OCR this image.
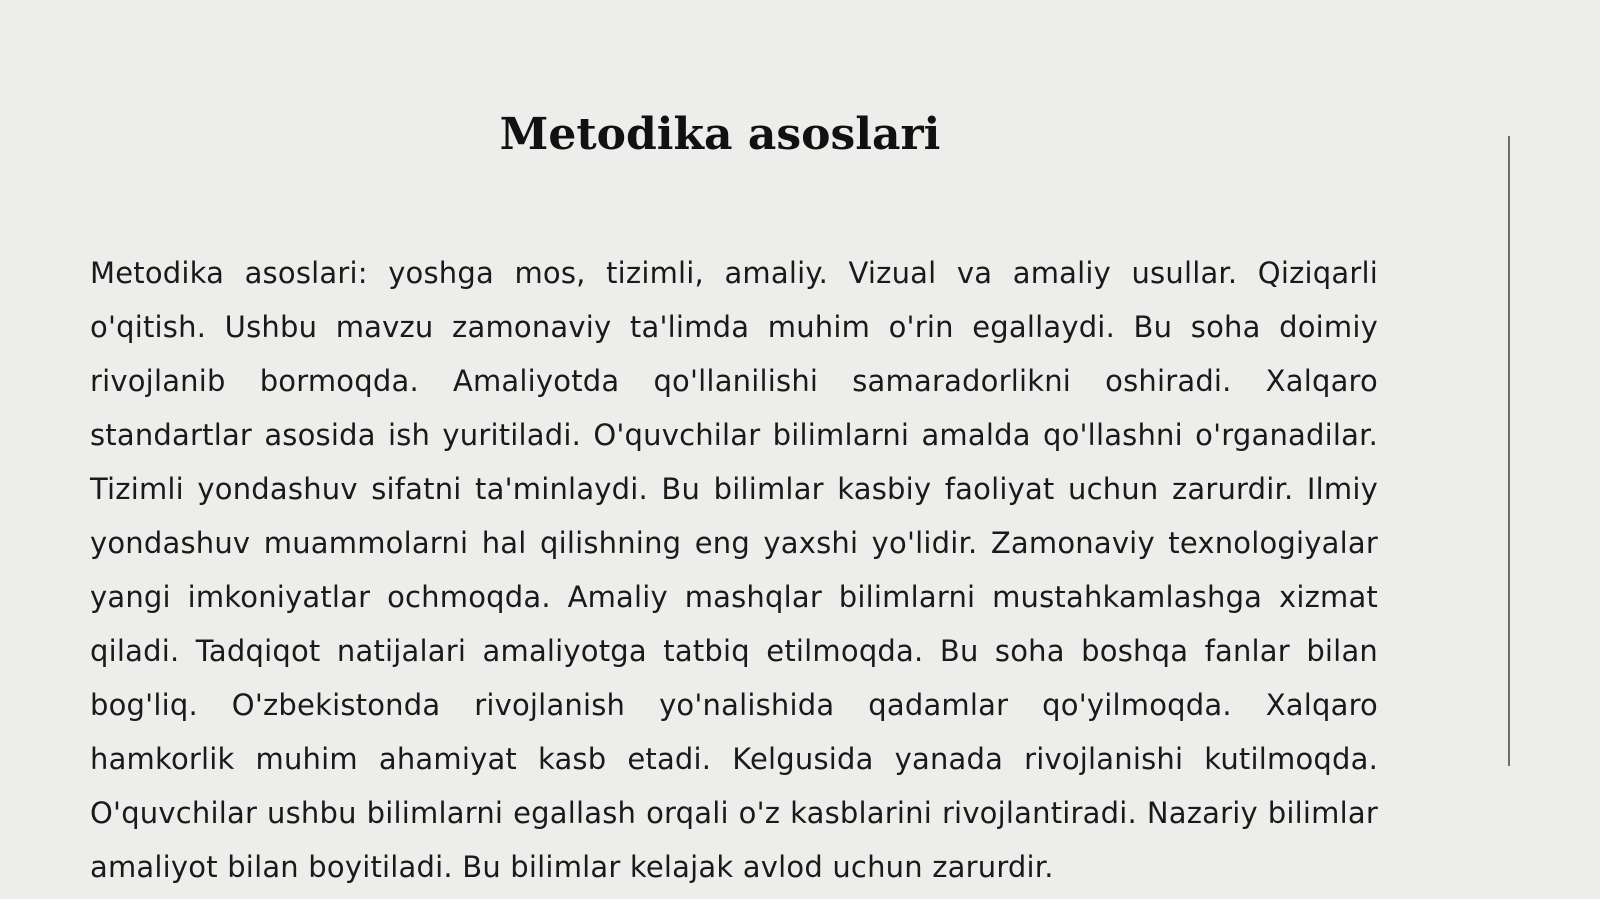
Metodika asoslari

Metodika asoslari: yoshga mos, tizimli, amaliy. Vizual va amaliy usullar. Qiziqarli o'qitish. Ushbu mavzu zamonaviy ta'limda muhim o'rin egallaydi. Bu soha doimiy rivojlanib bormoqda. Amaliyotda qo'llanilishi samaradorlikni oshiradi. Xalqaro standartlar asosida ish yuritiladi. O'quvchilar bilimlarni amalda qo'llashni o'rganadilar. Tizimli yondashuv sifatni ta'minlaydi. Bu bilimlar kasbiy faoliyat uchun zarurdir. Ilmiy yondashuv muammolarni hal qilishning eng yaxshi yo'lidir. Zamonaviy texnologiyalar yangi imkoniyatlar ochmoqda. Amaliy mashqlar bilimlarni mustahkamlashga xizmat qiladi. Tadqiqot natijalari amaliyotga tatbiq etilmoqda. Bu soha boshqa fanlar bilan bog'liq. O'zbekistonda rivojlanish yo'nalishida qadamlar qo'yilmoqda. Xalqaro hamkorlik muhim ahamiyat kasb etadi. Kelgusida yanada rivojlanishi kutilmoqda. O'quvchilar ushbu bilimlarni egallash orqali o'z kasblarini rivojlantiradi. Nazariy bilimlar amaliyot bilan boyitiladi. Bu bilimlar kelajak avlod uchun zarurdir.
